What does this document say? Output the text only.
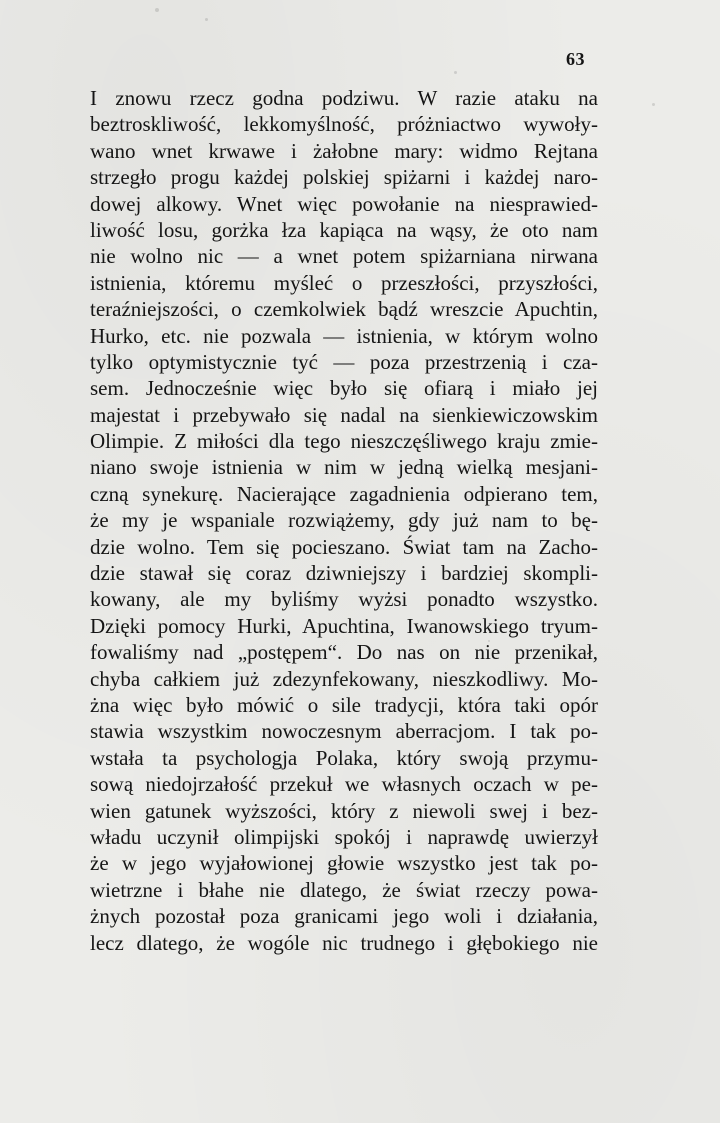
63
I znowu rzecz godna podziwu. W razie ataku na
beztroskliwość, lekkomyślność, próżniactwo wywoły-
wano wnet krwawe i żałobne mary: widmo Rejtana
strzegło progu każdej polskiej spiżarni i każdej naro-
dowej alkowy. Wnet więc powołanie na niesprawied-
liwość losu, gorżka łza kapiąca na wąsy, że oto nam
nie wolno nic — a wnet potem spiżarniana nirwana
istnienia, któremu myśleć o przeszłości, przyszłości,
teraźniejszości, o czemkolwiek bądź wreszcie Apuchtin,
Hurko, etc. nie pozwala — istnienia, w którym wolno
tylko optymistycznie tyć — poza przestrzenią i cza-
sem. Jednocześnie więc było się ofiarą i miało jej
majestat i przebywało się nadal na sienkiewiczowskim
Olimpie. Z miłości dla tego nieszczęśliwego kraju zmie-
niano swoje istnienia w nim w jedną wielką mesjani-
czną synekurę. Nacierające zagadnienia odpierano tem,
że my je wspaniale rozwiążemy, gdy już nam to bę-
dzie wolno. Tem się pocieszano. Świat tam na Zacho-
dzie stawał się coraz dziwniejszy i bardziej skompli-
kowany, ale my byliśmy wyżsi ponadto wszystko.
Dzięki pomocy Hurki, Apuchtina, Iwanowskiego tryum-
fowaliśmy nad „postępem“. Do nas on nie przenikał,
chyba całkiem już zdezynfekowany, nieszkodliwy. Mo-
żna więc było mówić o sile tradycji, która taki opór
stawia wszystkim nowoczesnym aberracjom. I tak po-
wstała ta psychologja Polaka, który swoją przymu-
sową niedojrzałość przekuł we własnych oczach w pe-
wien gatunek wyższości, który z niewoli swej i bez-
władu uczynił olimpijski spokój i naprawdę uwierzył
że w jego wyjałowionej głowie wszystko jest tak po-
wietrzne i błahe nie dlatego, że świat rzeczy powa-
żnych pozostał poza granicami jego woli i działania,
lecz dlatego, że wogóle nic trudnego i głębokiego nie
